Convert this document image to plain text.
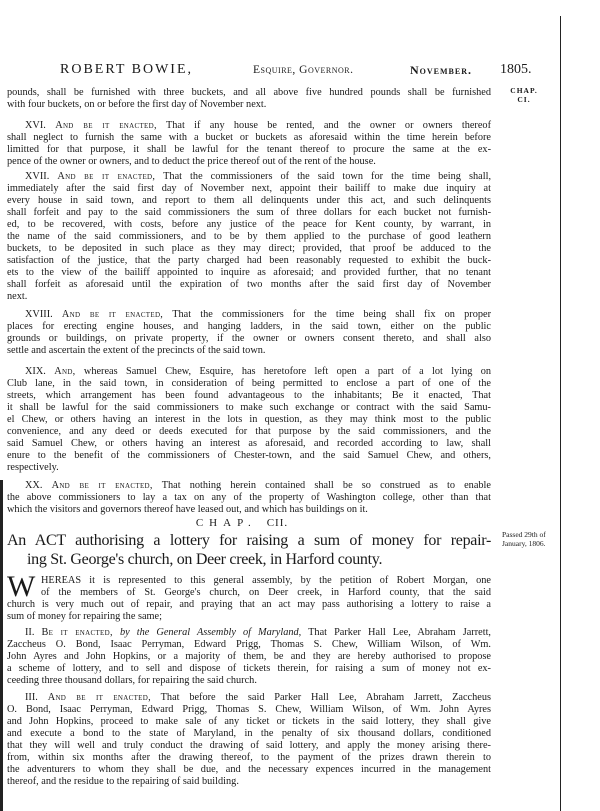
ROBERT BOWIE,	Esquire, Governor.	November. 1805.
CHAP.
CI.
pounds, shall be furnished with three buckets, and all above five hundred pounds shall be furnished
with four buckets, on or before the first day of November next.
XVI. And be it enacted, That if any house be rented, and the owner or owners thereof
shall neglect to furnish the same with a bucket or buckets as aforesaid within the time herein before
limitted for that purpose, it shall be lawful for the tenant thereof to procure the same at the ex-
pence of the owner or owners, and to deduct the price thereof out of the rent of the house.
XVII. And be it enacted, That the commissioners of the said town for the time being shall,
immediately after the said first day of November next, appoint their bailiff to make due inquiry at
every house in said town, and report to them all delinquents under this act, and such delinquents
shall forfeit and pay to the said commissioners the sum of three dollars for each bucket not furnish-
ed, to be recovered, with costs, before any justice of the peace for Kent county, by warrant, in
the name of the said commissioners, and to be by them applied to the purchase of good leathern
buckets, to be deposited in such place as they may direct; provided, that proof be adduced to the
satisfaction of the justice, that the party charged had been reasonably requested to exhibit the buck-
ets to the view of the bailiff appointed to inquire as aforesaid; and provided further, that no tenant
shall forfeit as aforesaid until the expiration of two months after the said first day of November
next.
XVIII. And be it enacted, That the commissioners for the time being shall fix on proper
places for erecting engine houses, and hanging ladders, in the said town, either on the public
grounds or buildings, on private property, if the owner or owners consent thereto, and shall also
settle and ascertain the extent of the precincts of the said town.
XIX. And, whereas Samuel Chew, Esquire, has heretofore left open a part of a lot lying on
Club lane, in the said town, in consideration of being permitted to enclose a part of one of the
streets, which arrangement has been found advantageous to the inhabitants; Be it enacted, That
it shall be lawful for the said commissioners to make such exchange or contract with the said Samu-
el Chew, or others having an interest in the lots in question, as they may think most to the public
convenience, and any deed or deeds executed for that purpose by the said commissioners, and the
said Samuel Chew, or others having an interest as aforesaid, and recorded according to law, shall
enure to the benefit of the commissioners of Chester-town, and the said Samuel Chew, and others,
respectively.
XX. And be it enacted, That nothing herein contained shall be so construed as to enable
the above commissioners to lay a tax on any of the property of Washington college, other than that
which the visitors and governors thereof have leased out, and which has buildings on it.
CHAP. CII.
An ACT authorising a lottery for raising a sum of money for repair-
ing St. George's church, on Deer creek, in Harford county.
Passed 29th of
January, 1806.
W HEREAS it is represented to this general assembly, by the petition of Robert Morgan, one
of the members of St. George's church, on Deer creek, in Harford county, that the said
church is very much out of repair, and praying that an act may pass authorising a lottery to raise a
sum of money for repairing the same;
II. Be it enacted, by the General Assembly of Maryland, That Parker Hall Lee, Abraham Jarrett,
Zaccheus O. Bond, Isaac Perryman, Edward Prigg, Thomas S. Chew, William Wilson, of Wm.
John Ayres and John Hopkins, or a majority of them, be and they are hereby authorised to propose
a scheme of lottery, and to sell and dispose of tickets therein, for raising a sum of money not ex-
ceeding three thousand dollars, for repairing the said church.
III. And be it enacted, That before the said Parker Hall Lee, Abraham Jarrett, Zaccheus
O. Bond, Isaac Perryman, Edward Prigg, Thomas S. Chew, William Wilson, of Wm. John Ayres
and John Hopkins, proceed to make sale of any ticket or tickets in the said lottery, they shall give
and execute a bond to the state of Maryland, in the penalty of six thousand dollars, conditioned
that they will well and truly conduct the drawing of said lottery, and apply the money arising there-
from, within six months after the drawing thereof, to the payment of the prizes drawn therein to
the adventurers to whom they shall be due, and the necessary expences incurred in the management
thereof, and the residue to the repairing of said building.
